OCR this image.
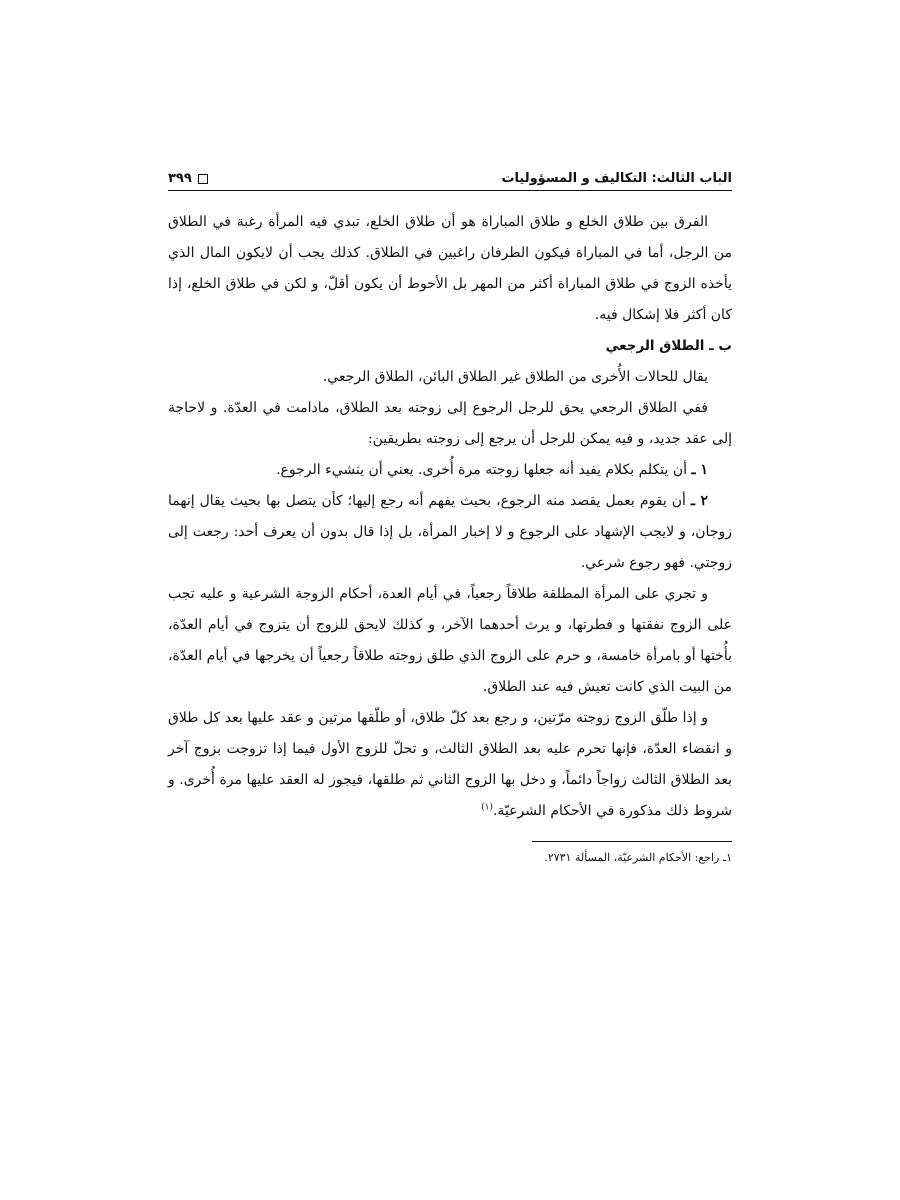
الباب الثالث: التكاليف و المسؤوليات
٣٩٩

الفرق بين طلاق الخلع و طلاق المباراة هو أن طلاق الخلع، تبدي فيه المرأة رغبة في الطلاق من الرجل، أما في المباراة فيكون الطرفان راغبين في الطلاق. كذلك يجب أن لايكون المال الذي يأخذه الزوج في طلاق المباراة أكثر من المهر بل الأحوط أن يكون أقلّ، و لكن في طلاق الخلع، إذا كان أكثر فلا إشكال فيه.

ب ـ الطلاق الرجعي

يقال للحالات الأُخرى من الطلاق غير الطلاق البائن، الطلاق الرجعي.

ففي الطلاق الرجعي يحق للرجل الرجوع إلى زوجته بعد الطلاق، مادامت في العدّة. و لاحاجة إلى عقد جديد، و فيه يمكن للرجل أن يرجع إلى زوجته بطريقين:

١ ـ أن يتكلم بكلام يفيد أنه جعلها زوجته مرة أُخرى. يعني أن ينشيء الرجوع.

٢ ـ أن يقوم بعمل يقصد منه الرجوع، بحيث يفهم أنه رجع إليها؛ كأن يتصل بها بحيث يقال إنهما زوجان، و لايجب الإشهاد على الرجوع و لا إخبار المرأة، بل إذا قال بدون أن يعرف أحد: رجعت إلى زوجتي. فهو رجوع شرعي.

و تجري على المرأة المطلقة طلاقاً رجعياً، في أيام العدة، أحكام الزوجة الشرعية و عليه تجب على الزوج نفقتها و فطرتها، و يرث أحدهما الآخر، و كذلك لايحق للزوج أن يتزوج في أيام العدّة، بأُختها أو بامرأة خامسة، و حرم على الزوج الذي طلق زوجته طلاقاً رجعياً أن يخرجها في أيام العدّة، من البيت الذي كانت تعيش فيه عند الطلاق.

و إذا طلّق الزوج زوجته مرّتين، و رجع بعد كلّ طلاق، أو طلّقها مرتين و عقد عليها بعد كل طلاق و انقضاء العدّة، فإنها تحرم عليه بعد الطلاق الثالث، و تحلّ للزوج الأول فيما إذا تزوجت بزوج آخر بعد الطلاق الثالث زواجاً دائماً، و دخل بها الزوج الثاني ثم طلقها، فيجوز له العقد عليها مرة أُخرى. و شروط ذلك مذكورة في الأحكام الشرعيّة.$^{(١)}$

١ـ راجع: الأحكام الشرعيّة، المسألة ٢٧٣١.
